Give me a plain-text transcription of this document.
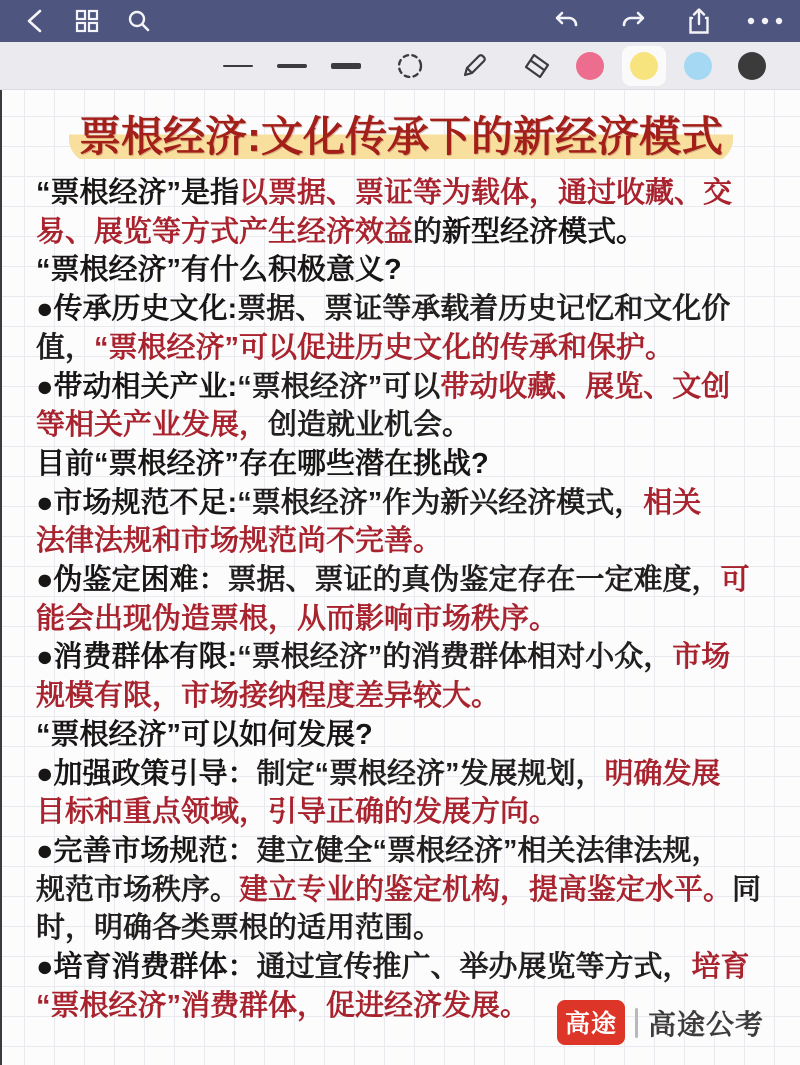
票根经济:文化传承下的新经济模式
“票根经济”是指以票据、票证等为载体，通过收藏、交
易、展览等方式产生经济效益的新型经济模式。
“票根经济”有什么积极意义?
●传承历史文化:票据、票证等承载着历史记忆和文化价
值，“票根经济”可以促进历史文化的传承和保护。
●带动相关产业:“票根经济”可以带动收藏、展览、文创
等相关产业发展，创造就业机会。
目前“票根经济”存在哪些潜在挑战?
●市场规范不足:“票根经济”作为新兴经济模式，相关
法律法规和市场规范尚不完善。
●伪鉴定困难：票据、票证的真伪鉴定存在一定难度，可
能会出现伪造票根，从而影响市场秩序。
●消费群体有限:“票根经济”的消费群体相对小众，市场
规模有限，市场接纳程度差异较大。
“票根经济”可以如何发展?
●加强政策引导：制定“票根经济”发展规划，明确发展
目标和重点领域，引导正确的发展方向。
●完善市场规范：建立健全“票根经济”相关法律法规，
规范市场秩序。建立专业的鉴定机构，提高鉴定水平。同
时，明确各类票根的适用范围。
●培育消费群体：通过宣传推广、举办展览等方式，培育
“票根经济”消费群体，促进经济发展。
高途 高途公考
